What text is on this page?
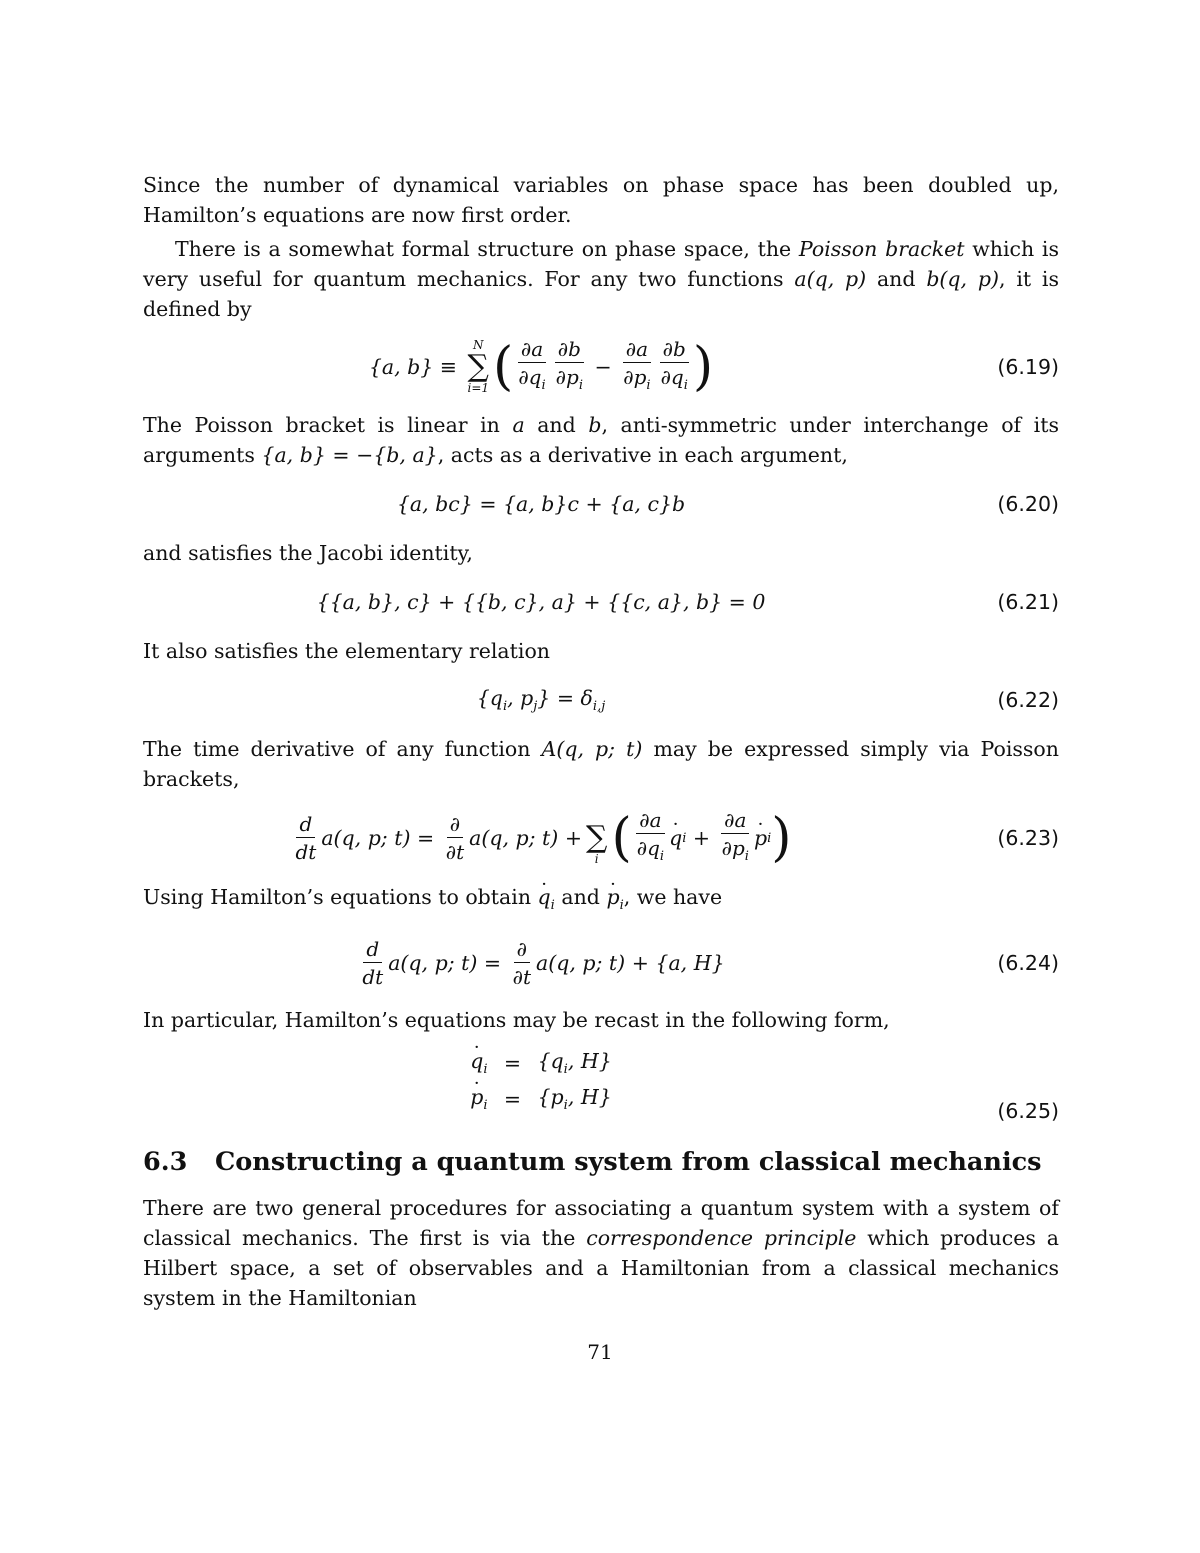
Since the number of dynamical variables on phase space has been doubled up, Hamilton’s equations are now first order.

There is a somewhat formal structure on phase space, the Poisson bracket which is very useful for quantum mechanics. For any two functions a(q, p) and b(q, p), it is defined by

{a, b} ≡

N
∑
i=1 ( $\frac{\partial a}{\partial q_i} \frac{\partial b}{\partial p_i}$
−
$\frac{\partial a}{\partial p_i} \frac{\partial b}{\partial q_i}$ )	(6.19)

The Poisson bracket is linear in a and b, anti-symmetric under interchange of its arguments {a, b} = −{b, a}, acts as a derivative in each argument,

{a, bc} = {a, b}c + {a, c}b	(6.20)

and satisfies the Jacobi identity,

{{a, b}, c} + {{b, c}, a} + {{c, a}, b} = 0	(6.21)

It also satisfies the elementary relation

{$q_i$, $p_j\} = \delta_{i,j}$	(6.22)

The time derivative of any function A(q, p; t) may be expressed simply via Poisson brackets,

$\frac{d}{dt} a(q$, p; t)
=
$\frac{\partial}{\partial t} a(q$, p; t)
+
∑
i ( $\frac{\partial a}{\partial q_i}$ q · i
+
$\frac{\partial a}{\partial p_i}$ p · i )	(6.23)

Using Hamilton’s equations to obtain $q \cdot_i$ and $p \cdot_i$, we have

$\frac{d}{dt} a(q$, p; t)
=
$\frac{\partial}{\partial t} a(q$, p; t)
+ {a, H}	(6.24)

In particular, Hamilton’s equations may be recast in the following form,

$q \cdot_i = \{q_i$, H}
$p \cdot_i = \{p_i$, H}
(6.25)
6.3 Constructing a quantum system from classical mechanics

There are two general procedures for associating a quantum system with a system of classical mechanics. The first is via the correspondence principle which produces a Hilbert space, a set of observables and a Hamiltonian from a classical mechanics system in the Hamiltonian

71
